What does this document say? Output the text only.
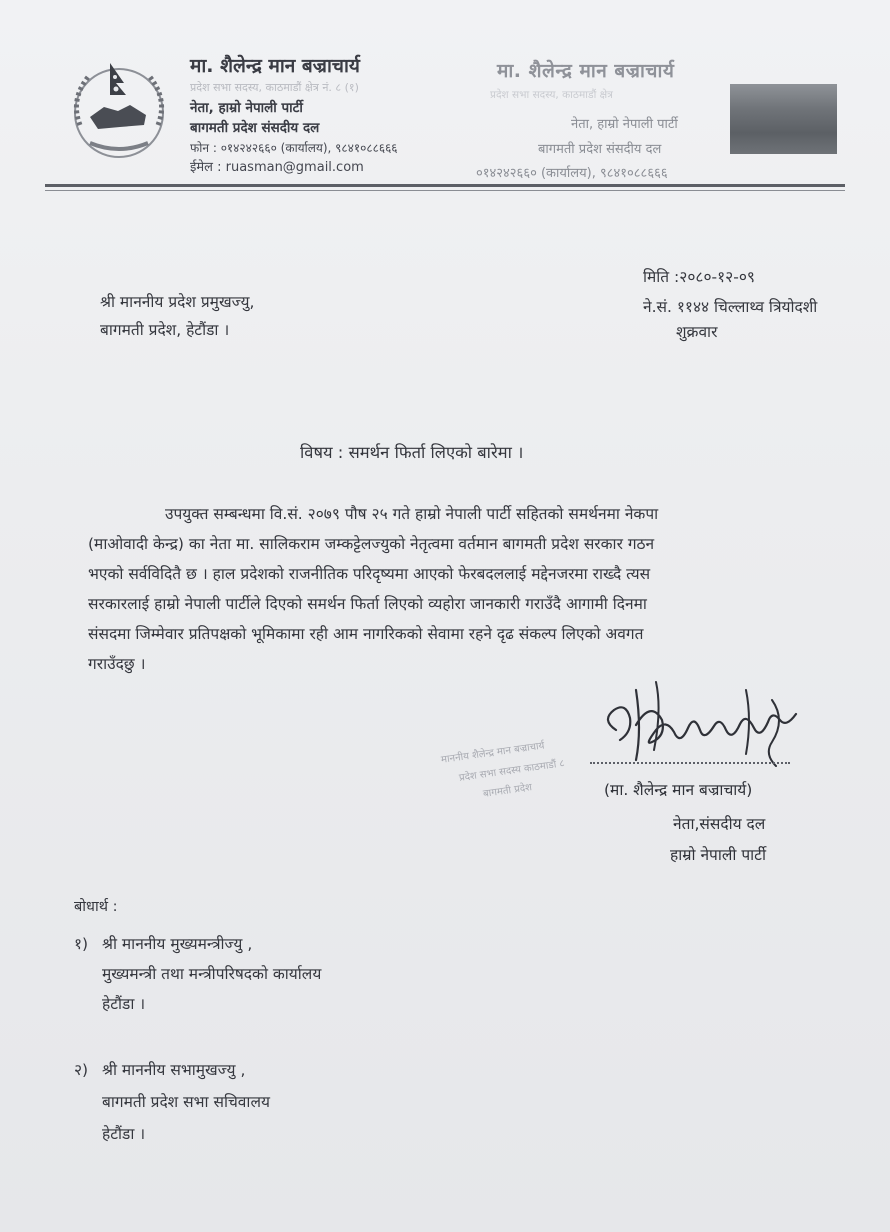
मा. शैलेन्द्र मान बज्राचार्य
प्रदेश सभा सदस्य, काठमाडौं क्षेत्र नं. ८ (१)
नेता, हाम्रो नेपाली पार्टी
बागमती प्रदेश संसदीय दल
फोन : ०१४२४२६६० (कार्यालय), ९८४१०८८६६६
ईमेल : ruasman@gmail.com
मा. शैलेन्द्र मान बज्राचार्य
प्रदेश सभा सदस्य, काठमाडौं क्षेत्र
नेता, हाम्रो नेपाली पार्टी
बागमती प्रदेश संसदीय दल
०१४२४२६६० (कार्यालय), ९८४१०८८६६६
मिति :२०८०-१२-०९
ने.सं. ११४४ चिल्लाथ्व त्रियोदशी
शुक्रवार
श्री माननीय प्रदेश प्रमुखज्यु,
बागमती प्रदेश, हेटौंडा ।
विषय : समर्थन फिर्ता लिएको बारेमा ।
उपयुक्त सम्बन्धमा वि.सं. २०७९ पौष २५ गते हाम्रो नेपाली पार्टी सहितको समर्थनमा नेकपा
(माओवादी केन्द्र) का नेता मा. सालिकराम जम्कट्टेलज्युको नेतृत्वमा वर्तमान बागमती प्रदेश सरकार गठन
भएको सर्वविदितै छ । हाल प्रदेशको राजनीतिक परिदृष्यमा आएको फेरबदललाई मद्देनजरमा राख्दै त्यस
सरकारलाई हाम्रो नेपाली पार्टीले दिएको समर्थन फिर्ता लिएको व्यहोरा जानकारी गराउँदै आगामी दिनमा
संसदमा जिम्मेवार प्रतिपक्षको भूमिकामा रही आम नागरिकको सेवामा रहने दृढ संकल्प लिएको अवगत
गराउँदछु ।
माननीय शैलेन्द्र मान बज्राचार्य
प्रदेश सभा सदस्य काठमाडौं ८
बागमती प्रदेश	(मा. शैलेन्द्र मान बज्राचार्य)
नेता,संसदीय दल
हाम्रो नेपाली पार्टी
बोधार्थ :
१) श्री माननीय मुख्यमन्त्रीज्यु ,
मुख्यमन्त्री तथा मन्त्रीपरिषदको कार्यालय
हेटौंडा ।
२) श्री माननीय सभामुखज्यु ,
बागमती प्रदेश सभा सचिवालय
हेटौंडा ।
